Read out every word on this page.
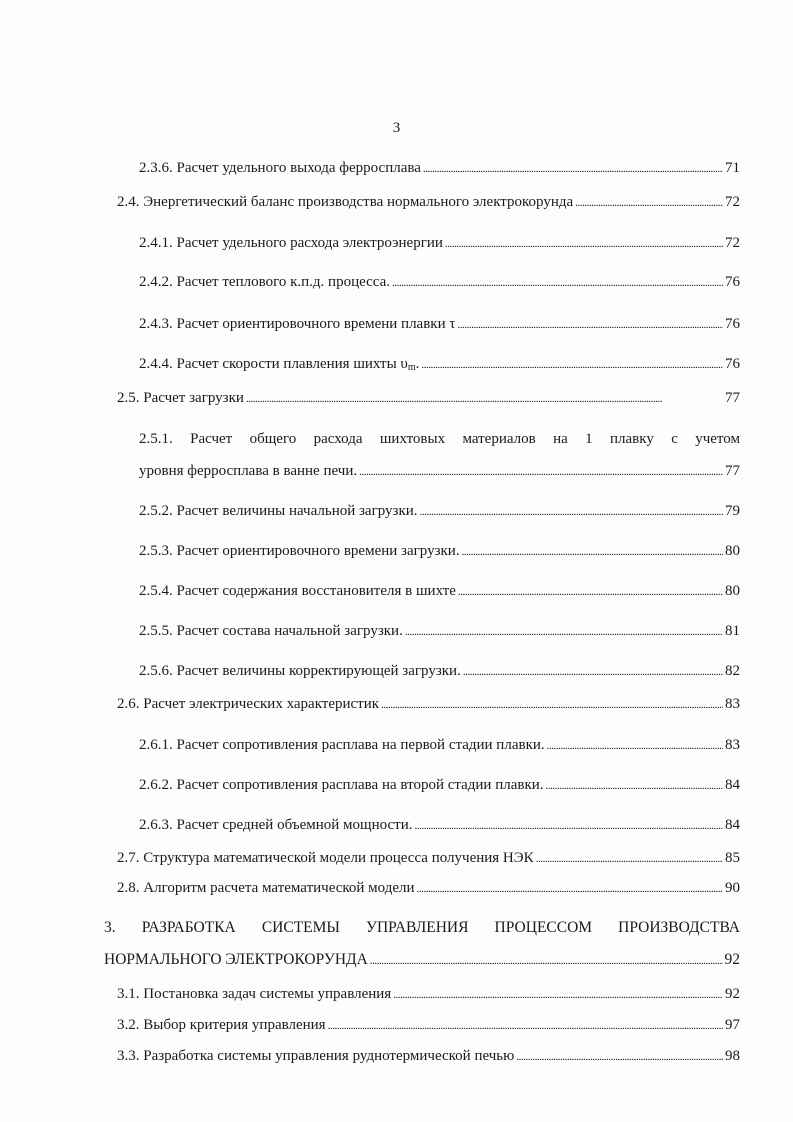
3
2.3.6. Расчет удельного выхода ферросплава . . .	71
2.4. Энергетический баланс производства нормального электрокорунда . . .	72
2.4.1. Расчет удельного расхода электроэнергии . . .	72
2.4.2. Расчет теплового к.п.д. процесса. . . .	76
2.4.3. Расчет ориентировочного времени плавки τ . . .	76
2.4.4. Расчет скорости плавления шихты $\upsilon_m$. . . .	76
2.5. Расчет загрузки . . .	77
2.5.1. Расчет общего расхода шихтовых материалов на 1 плавку с учетом
уровня ферросплава в ванне печи. . . .	77
2.5.2. Расчет величины начальной загрузки. . . .	79
2.5.3. Расчет ориентировочного времени загрузки. . . .	80
2.5.4. Расчет содержания восстановителя в шихте . . .	80
2.5.5. Расчет состава начальной загрузки. . . .	81
2.5.6. Расчет величины корректирующей загрузки. . . .	82
2.6. Расчет электрических характеристик . . .	83
2.6.1. Расчет сопротивления расплава на первой стадии плавки. . . .	83
2.6.2. Расчет сопротивления расплава на второй стадии плавки. . . .	84
2.6.3. Расчет средней объемной мощности. . . .	84
2.7. Структура математической модели процесса получения НЭК . . .	85
2.8. Алгоритм расчета математической модели . . .	90
3. РАЗРАБОТКА СИСТЕМЫ УПРАВЛЕНИЯ ПРОЦЕССОМ ПРОИЗВОДСТВА
НОРМАЛЬНОГО ЭЛЕКТРОКОРУНДА . . .	92
3.1. Постановка задач системы управления . . .	92
3.2. Выбор критерия управления . . .	97
3.3. Разработка системы управления руднотермической печью . . .	98
